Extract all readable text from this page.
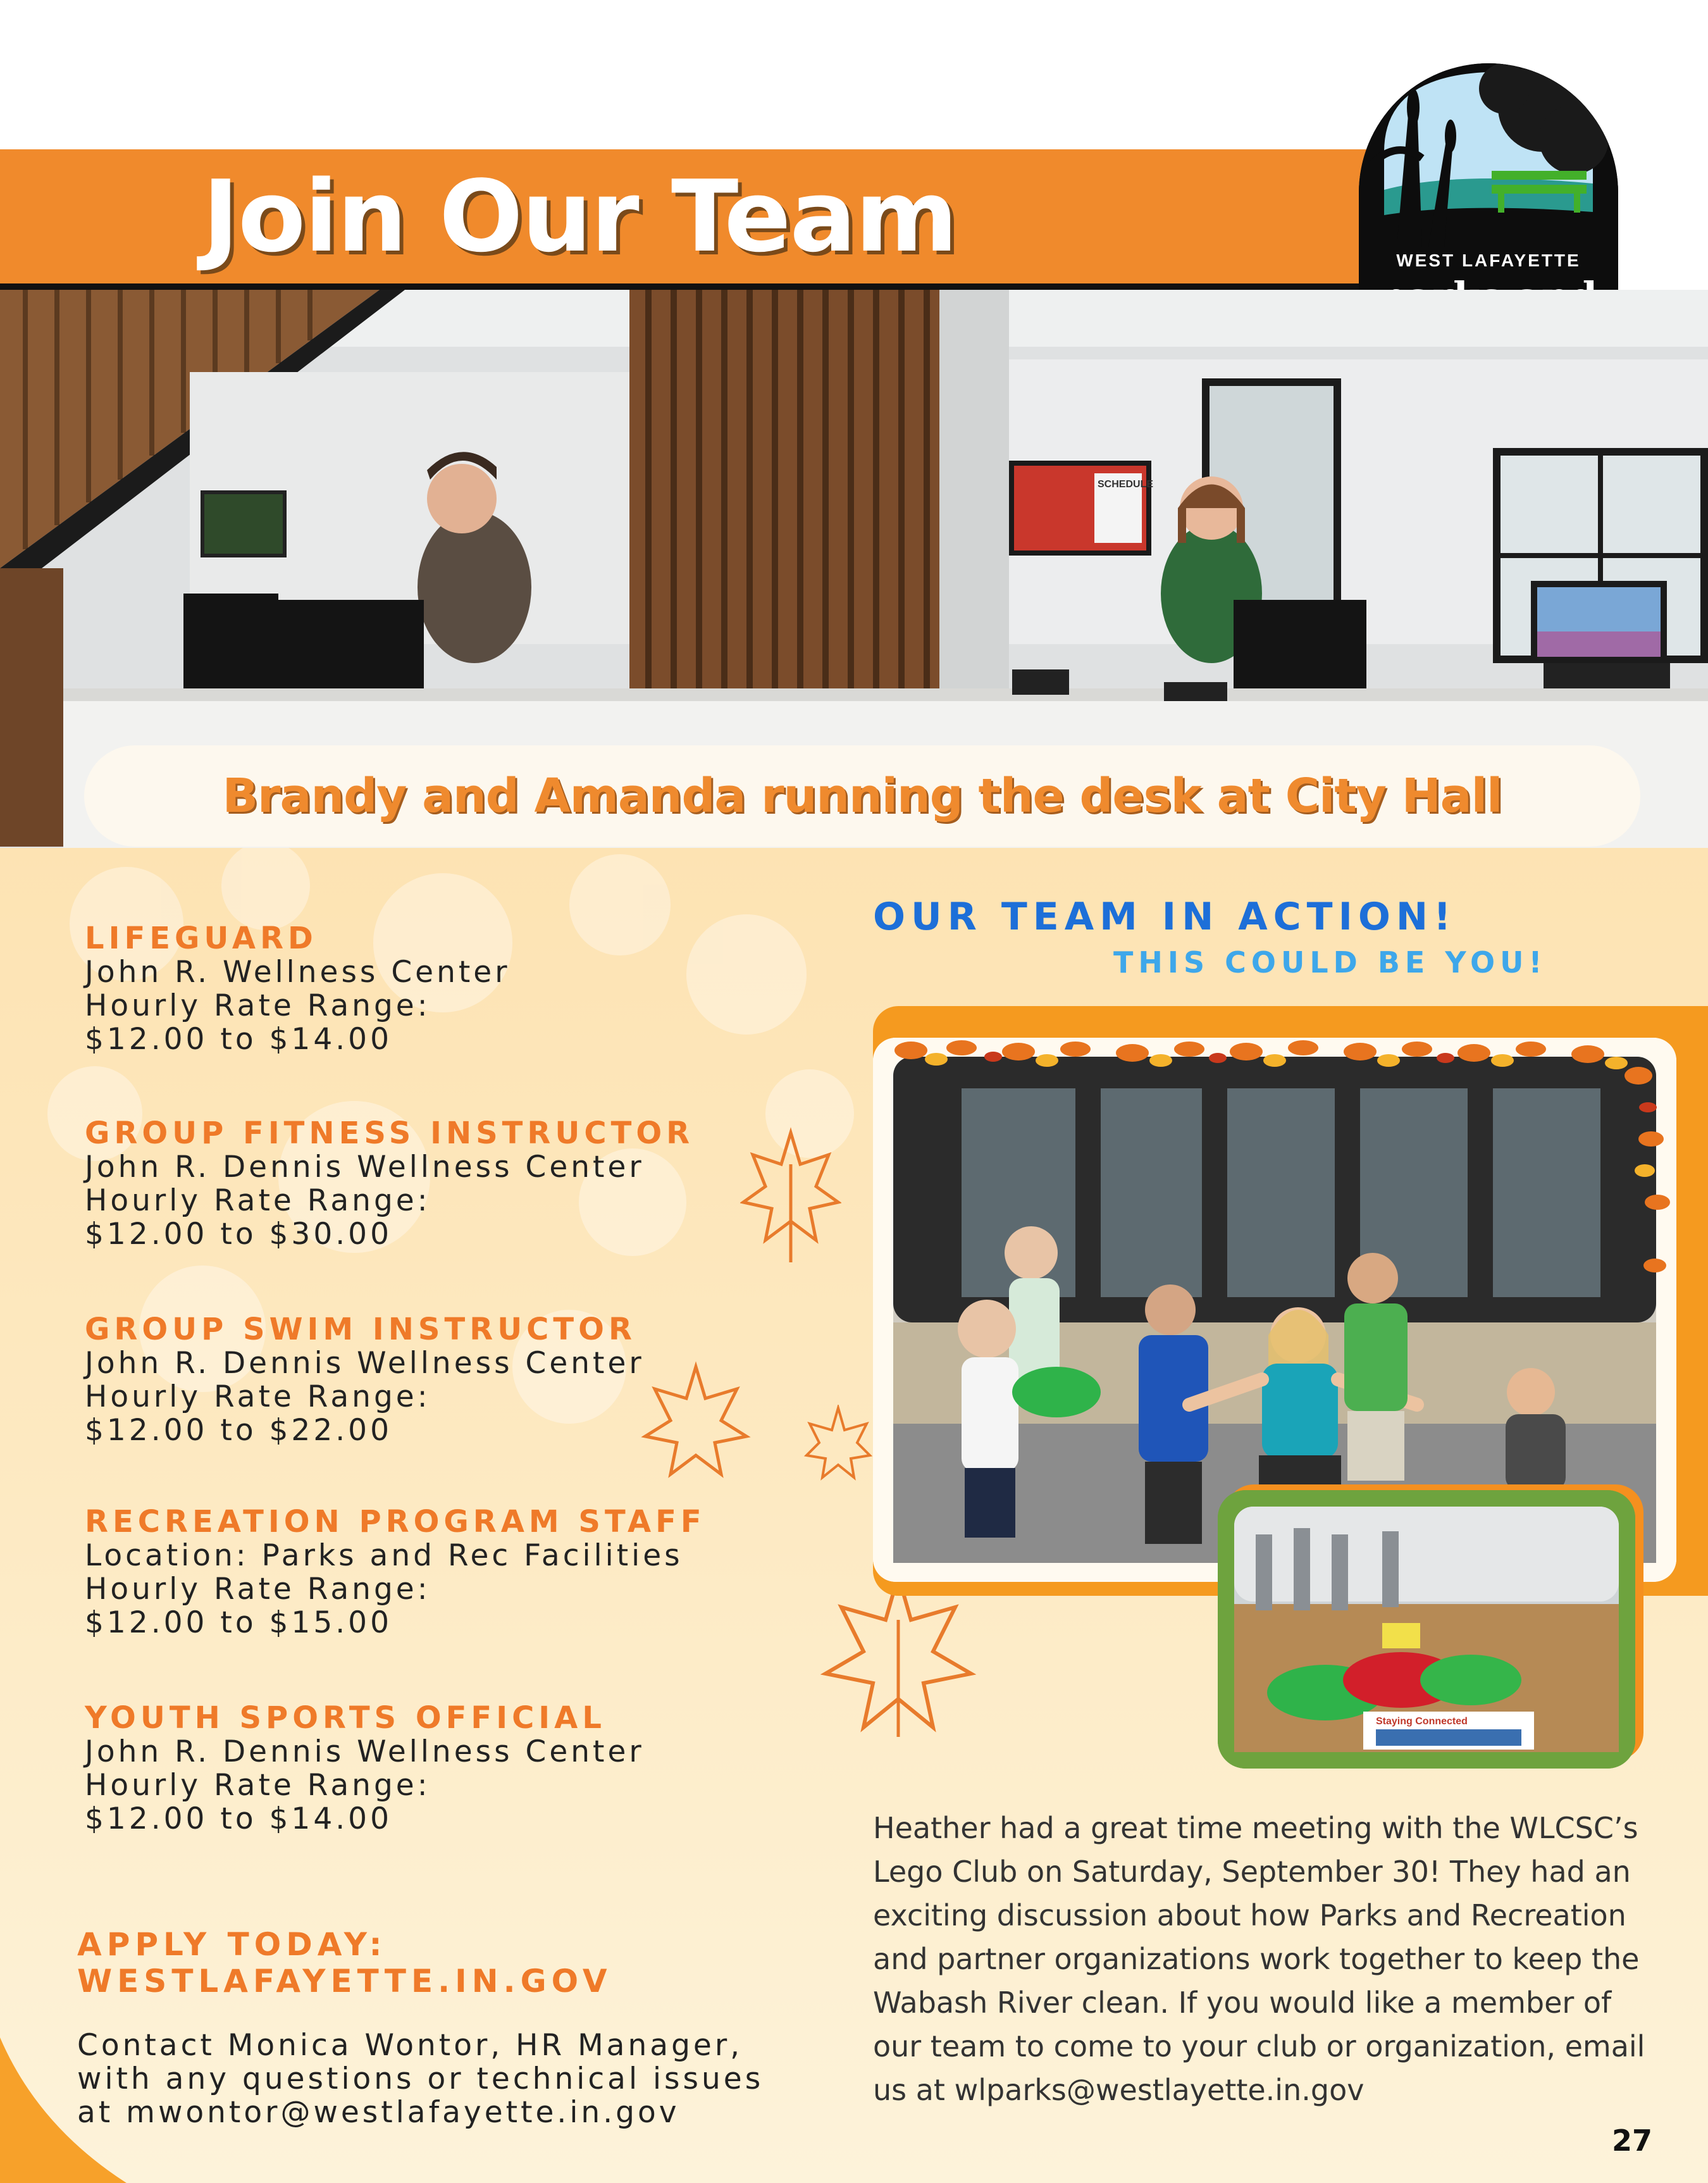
Join Our Team	WEST LAFAYETTE
SCHEDULE
Brandy and Amanda running the desk at City Hall
LIFEGUARD
John R. Wellness Center
Hourly Rate Range:
$12.00 to $14.00
GROUP FITNESS INSTRUCTOR
John R. Dennis Wellness Center
Hourly Rate Range:
$12.00 to $30.00
GROUP SWIM INSTRUCTOR
John R. Dennis Wellness Center
Hourly Rate Range:
$12.00 to $22.00
RECREATION PROGRAM STAFF
Location: Parks and Rec Facilities
Hourly Rate Range:
$12.00 to $15.00
YOUTH SPORTS OFFICIAL
John R. Dennis Wellness Center
Hourly Rate Range:
$12.00 to $14.00
APPLY TODAY:
WESTLAFAYETTE.IN.GOV
Contact Monica Wontor, HR Manager,
with any questions or technical issues
at mwontor@westlafayette.in.gov
OUR TEAM IN ACTION!
THIS COULD BE YOU!
Staying Connected
Heather had a great time meeting with the WLCSC’s Lego Club on Saturday, September 30! They had an exciting discussion about how Parks and Recreation and partner organizations work together to keep the Wabash River clean. If you would like a member of our team to come to your club or organization, email us at wlparks@westlayette.in.gov
27
